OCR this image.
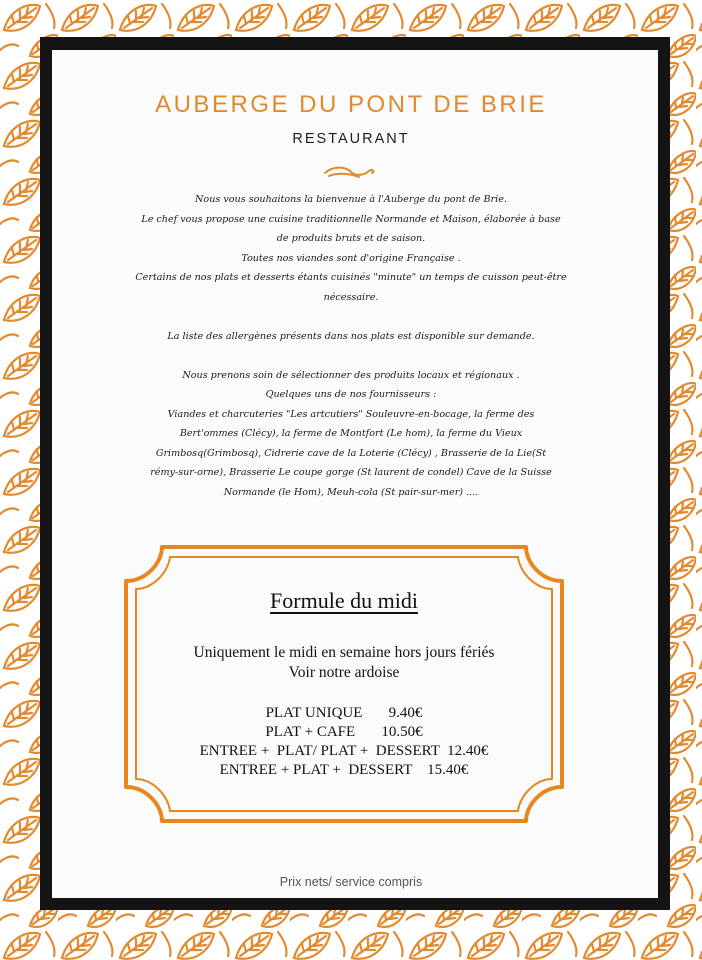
AUBERGE DU PONT DE BRIE
RESTAURANT

Nous vous souhaitons la bienvenue à l'Auberge du pont de Brie.

Le chef vous propose une cuisine traditionnelle Normande et Maison, élaborée à base

de produits bruts et de saison.

Toutes nos viandes sont d'origine Française .

Certains de nos plats et desserts étants cuisinés "minute" un temps de cuisson peut-être

nécessaire.

La liste des allergènes présents dans nos plats est disponible sur demande.

Nous prenons soin de sélectionner des produits locaux et régionaux .

Quelques uns de nos fournisseurs :

Viandes et charcuteries "Les artcutiers" Souleuvre-en-bocage, la ferme des

Bert'ommes (Clécy), la ferme de Montfort (Le hom), la ferme du Vieux

Grimbosq(Grimbosq), Cidrerie cave de la Loterie (Clécy) , Brasserie de la Lie(St

rémy-sur-orne), Brasserie Le coupe gorge (St laurent de condel) Cave de la Suisse

Normande (le Hom), Meuh-cola (St pair-sur-mer) ....

Formule du midi
Uniquement le midi en semaine hors jours fériés
Voir notre ardoise
PLAT UNIQUE       9.40€
PLAT + CAFE       10.50€
ENTREE +  PLAT/ PLAT +  DESSERT  12.40€
ENTREE + PLAT +  DESSERT    15.40€
Prix nets/ service compris
